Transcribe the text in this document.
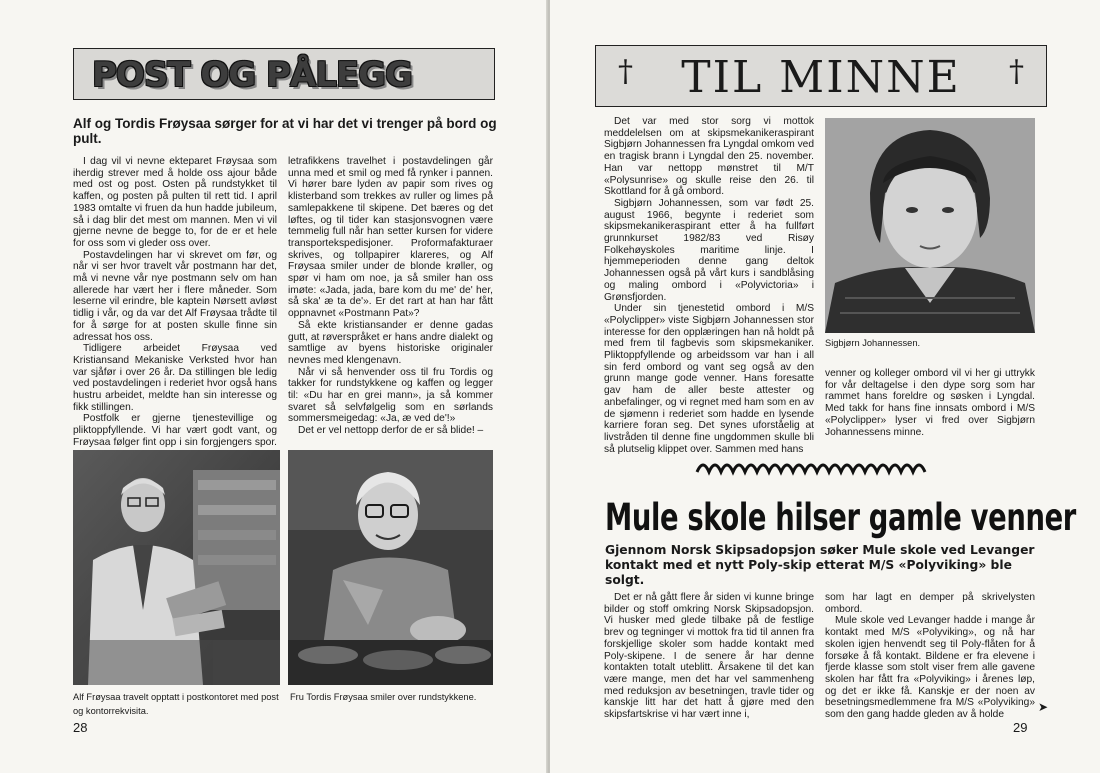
POST OG PÅLEGG
Alf og Tordis Frøysaa sørger for at vi har det vi trenger på bord og pult.

I dag vil vi nevne ekteparet Frøysaa som iherdig strever med å holde oss ajour både med ost og post. Osten på rundstykket til kaffen, og posten på pulten til rett tid. I april 1983 omtalte vi fruen da hun hadde jubileum, så i dag blir det mest om mannen. Men vi vil gjerne nevne de begge to, for de er et hele for oss som vi gleder oss over.

Postavdelingen har vi skrevet om før, og når vi ser hvor travelt vår postmann har det, må vi nevne vår nye postmann selv om han allerede har vært her i flere måneder. Som leserne vil erindre, ble kaptein Nørsett avløst tidlig i vår, og da var det Alf Frøysaa trådte til for å sørge for at posten skulle finne sin adressat hos oss.

Tidligere arbeidet Frøysaa ved Kristiansand Mekaniske Verksted hvor han var sjåfør i over 26 år. Da stillingen ble ledig ved postavdelingen i rederiet hvor også hans hustru arbeidet, meldte han sin interesse og fikk stillingen.

Postfolk er gjerne tjenestevillige og pliktoppfyllende. Vi har vært godt vant, og Frøysaa følger fint opp i sin forgjengers spor.

letrafikkens travelhet i postavdelingen går unna med et smil og med få rynker i pannen. Vi hører bare lyden av papir som rives og klisterband som trekkes av ruller og limes på samlepakkene til skipene. Det bæres og det løftes, og til tider kan stasjonsvognen være temmelig full når han setter kursen for videre transportekspedisjoner. Proformafakturaer skrives, og tollpapirer klareres, og Alf Frøysaa smiler under de blonde krøller, og spør vi ham om noe, ja så smiler han oss imøte: «Jada, jada, bare kom du me' de' her, så ska' æ ta de'». Er det rart at han har fått oppnavnet «Postmann Pat»?

Så ekte kristiansander er denne gadas gutt, at røverspråket er hans andre dialekt og samtlige av byens historiske originaler nevnes med klengenavn.

Når vi så henvender oss til fru Tordis og takker for rundstykkene og kaffen og legger til: «Du har en grei mann», ja så kommer svaret så selvfølgelig som en sørlands sommersmeigedag: «Ja, æ ved de'!»

Det er vel nettopp derfor de er så blide! –

Alf Frøysaa travelt opptatt i postkontoret med post og kontorrekvisita.
Fru Tordis Frøysaa smiler over rundstykkene.
28
†	TIL MINNE	†

Det var med stor sorg vi mottok meddelelsen om at skipsmekanikeraspirant Sigbjørn Johannessen fra Lyngdal omkom ved en tragisk brann i Lyngdal den 25. november. Han var nettopp mønstret til M/T «Polysunrise» og skulle reise den 26. til Skottland for å gå ombord.

Sigbjørn Johannessen, som var født 25. august 1966, begynte i rederiet som skipsmekanikeraspirant etter å ha fullført grunnkurset 1982/83 ved Risøy Folkehøyskoles maritime linje. I hjemmeperioden denne gang deltok Johannessen også på vårt kurs i sandblåsing og maling ombord i «Polyvictoria» i Grønsfjorden.

Under sin tjenestetid ombord i M/S «Polyclipper» viste Sigbjørn Johannessen stor interesse for den opplæringen han nå holdt på med frem til fagbevis som skipsmekaniker. Pliktoppfyllende og arbeidssom var han i all sin ferd ombord og vant seg også av den grunn mange gode venner. Hans foresatte gav ham de aller beste attester og anbefalinger, og vi regnet med ham som en av de sjømenn i rederiet som hadde en lysende karriere foran seg. Det synes uforståelig at livstråden til denne fine ungdommen skulle bli så plutselig klippet over. Sammen med hans

Sigbjørn Johannessen.

venner og kolleger ombord vil vi her gi uttrykk for vår deltagelse i den dype sorg som har rammet hans foreldre og søsken i Lyngdal. Med takk for hans fine innsats ombord i M/S «Polyclipper» lyser vi fred over Sigbjørn Johannessens minne.

Mule skole hilser gamle venner
Gjennom Norsk Skipsadopsjon søker Mule skole ved Levanger kontakt med et nytt Poly-skip etterat M/S «Polyviking» ble solgt.

Det er nå gått flere år siden vi kunne bringe bilder og stoff omkring Norsk Skipsadopsjon. Vi husker med glede tilbake på de festlige brev og tegninger vi mottok fra tid til annen fra forskjellige skoler som hadde kontakt med Poly-skipene. I de senere år har denne kontakten totalt uteblitt. Årsakene til det kan være mange, men det har vel sammenheng med reduksjon av besetningen, travle tider og kanskje litt har det hatt å gjøre med den skipsfartskrise vi har vært inne i,

som har lagt en demper på skrivelysten ombord.

Mule skole ved Levanger hadde i mange år kontakt med M/S «Polyviking», og nå har skolen igjen henvendt seg til Poly-flåten for å forsøke å få kontakt. Bildene er fra elevene i fjerde klasse som stolt viser frem alle gavene skolen har fått fra «Polyviking» i årenes løp, og det er ikke få. Kanskje er der noen av besetningsmedlemmene fra M/S «Polyviking» som den gang hadde gleden av å holde

➤
29
